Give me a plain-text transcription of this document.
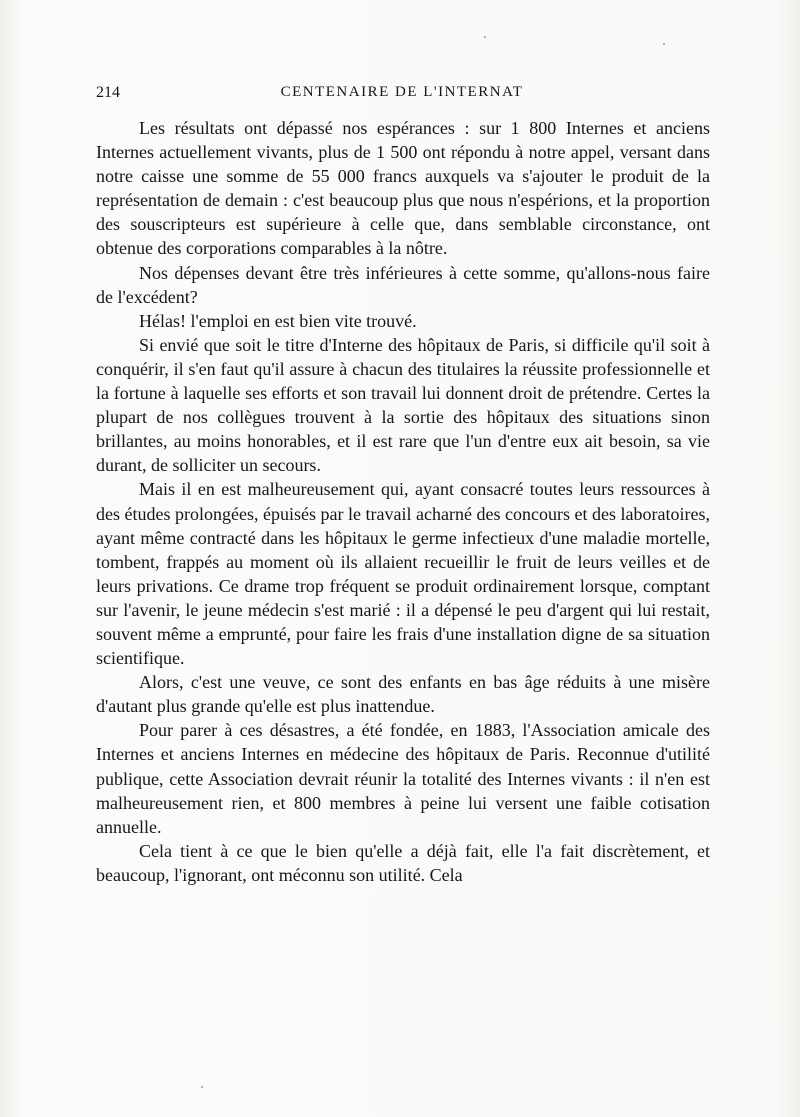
214	CENTENAIRE DE L'INTERNAT

Les résultats ont dépassé nos espérances : sur 1 800 Internes et anciens Internes actuellement vivants, plus de 1 500 ont répondu à notre appel, versant dans notre caisse une somme de 55 000 francs auxquels va s'ajouter le produit de la représentation de demain : c'est beaucoup plus que nous n'espérions, et la proportion des souscripteurs est supérieure à celle que, dans semblable circonstance, ont obtenue des corporations comparables à la nôtre.

Nos dépenses devant être très inférieures à cette somme, qu'allons-nous faire de l'excédent?

Hélas! l'emploi en est bien vite trouvé.

Si envié que soit le titre d'Interne des hôpitaux de Paris, si difficile qu'il soit à conquérir, il s'en faut qu'il assure à chacun des titulaires la réussite professionnelle et la fortune à laquelle ses efforts et son travail lui donnent droit de prétendre. Certes la plupart de nos collègues trouvent à la sortie des hôpitaux des situations sinon brillantes, au moins honorables, et il est rare que l'un d'entre eux ait besoin, sa vie durant, de solliciter un secours.

Mais il en est malheureusement qui, ayant consacré toutes leurs ressources à des études prolongées, épuisés par le travail acharné des concours et des laboratoires, ayant même contracté dans les hôpitaux le germe infectieux d'une maladie mortelle, tombent, frappés au moment où ils allaient recueillir le fruit de leurs veilles et de leurs privations. Ce drame trop fréquent se produit ordinairement lorsque, comptant sur l'avenir, le jeune médecin s'est marié : il a dépensé le peu d'argent qui lui restait, souvent même a emprunté, pour faire les frais d'une installation digne de sa situation scientifique.

Alors, c'est une veuve, ce sont des enfants en bas âge réduits à une misère d'autant plus grande qu'elle est plus inattendue.

Pour parer à ces désastres, a été fondée, en 1883, l'Association amicale des Internes et anciens Internes en médecine des hôpitaux de Paris. Reconnue d'utilité publique, cette Association devrait réunir la totalité des Internes vivants : il n'en est malheureusement rien, et 800 membres à peine lui versent une faible cotisation annuelle.

Cela tient à ce que le bien qu'elle a déjà fait, elle l'a fait discrètement, et beaucoup, l'ignorant, ont méconnu son utilité. Cela
